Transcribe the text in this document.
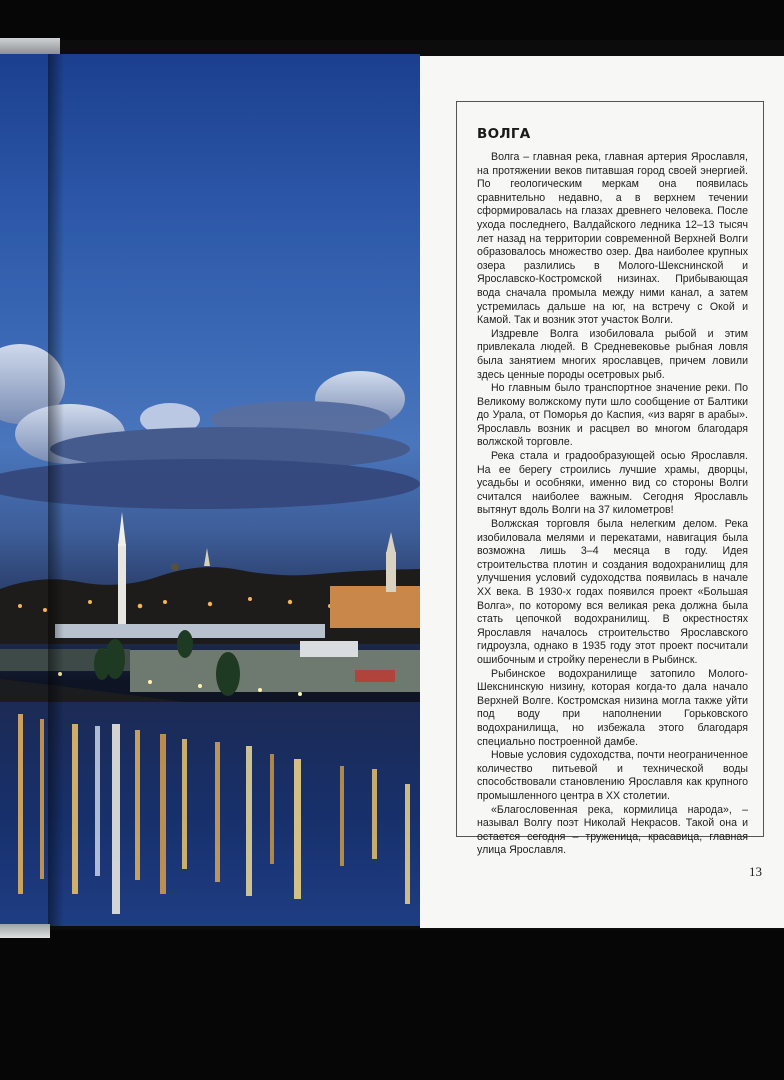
ВОЛГА

Волга – главная река, главная артерия Ярославля, на протяжении веков питавшая город своей энергией. По геологическим меркам она появилась сравнительно недавно, а в верхнем течении сформировалась на глазах древнего человека. После ухода последнего, Валдайского ледника 12–13 тысяч лет назад на территории современной Верхней Волги образовалось множество озер. Два наиболее крупных озера разлились в Молого-Шекснинской и Ярославско-Костромской низинах. Прибывающая вода сначала промыла между ними канал, а затем устремилась дальше на юг, на встречу с Окой и Камой. Так и возник этот участок Волги.

Издревле Волга изобиловала рыбой и этим привлекала людей. В Средневековье рыбная ловля была занятием многих ярославцев, причем ловили здесь ценные породы осетровых рыб.

Но главным было транспортное значение реки. По Великому волжскому пути шло сообщение от Балтики до Урала, от Поморья до Каспия, «из варяг в арабы». Ярославль возник и расцвел во многом благодаря волжской торговле.

Река стала и градообразующей осью Ярославля. На ее берегу строились лучшие храмы, дворцы, усадьбы и особняки, именно вид со стороны Волги считался наиболее важным. Сегодня Ярославль вытянут вдоль Волги на 37 километров!

Волжская торговля была нелегким делом. Река изобиловала мелями и перекатами, навигация была возможна лишь 3–4 месяца в году. Идея строительства плотин и создания водохранилищ для улучшения условий судоходства появилась в начале XX века. В 1930-х годах появился проект «Большая Волга», по которому вся великая река должна была стать цепочкой водохранилищ. В окрестностях Ярославля началось строительство Ярославского гидроузла, однако в 1935 году этот проект посчитали ошибочным и стройку перенесли в Рыбинск.

Рыбинское водохранилище затопило Молого-Шекснинскую низину, которая когда-то дала начало Верхней Волге. Костромская низина могла также уйти под воду при наполнении Горьковского водохранилища, но избежала этого благодаря специально построенной дамбе.

Новые условия судоходства, почти неограниченное количество питьевой и технической воды способствовали становлению Ярославля как крупного промышленного центра в XX столетии.

«Благословенная река, кормилица народа», – называл Волгу поэт Николай Некрасов. Такой она и остается сегодня – труженица, красавица, главная улица Ярославля.

13
